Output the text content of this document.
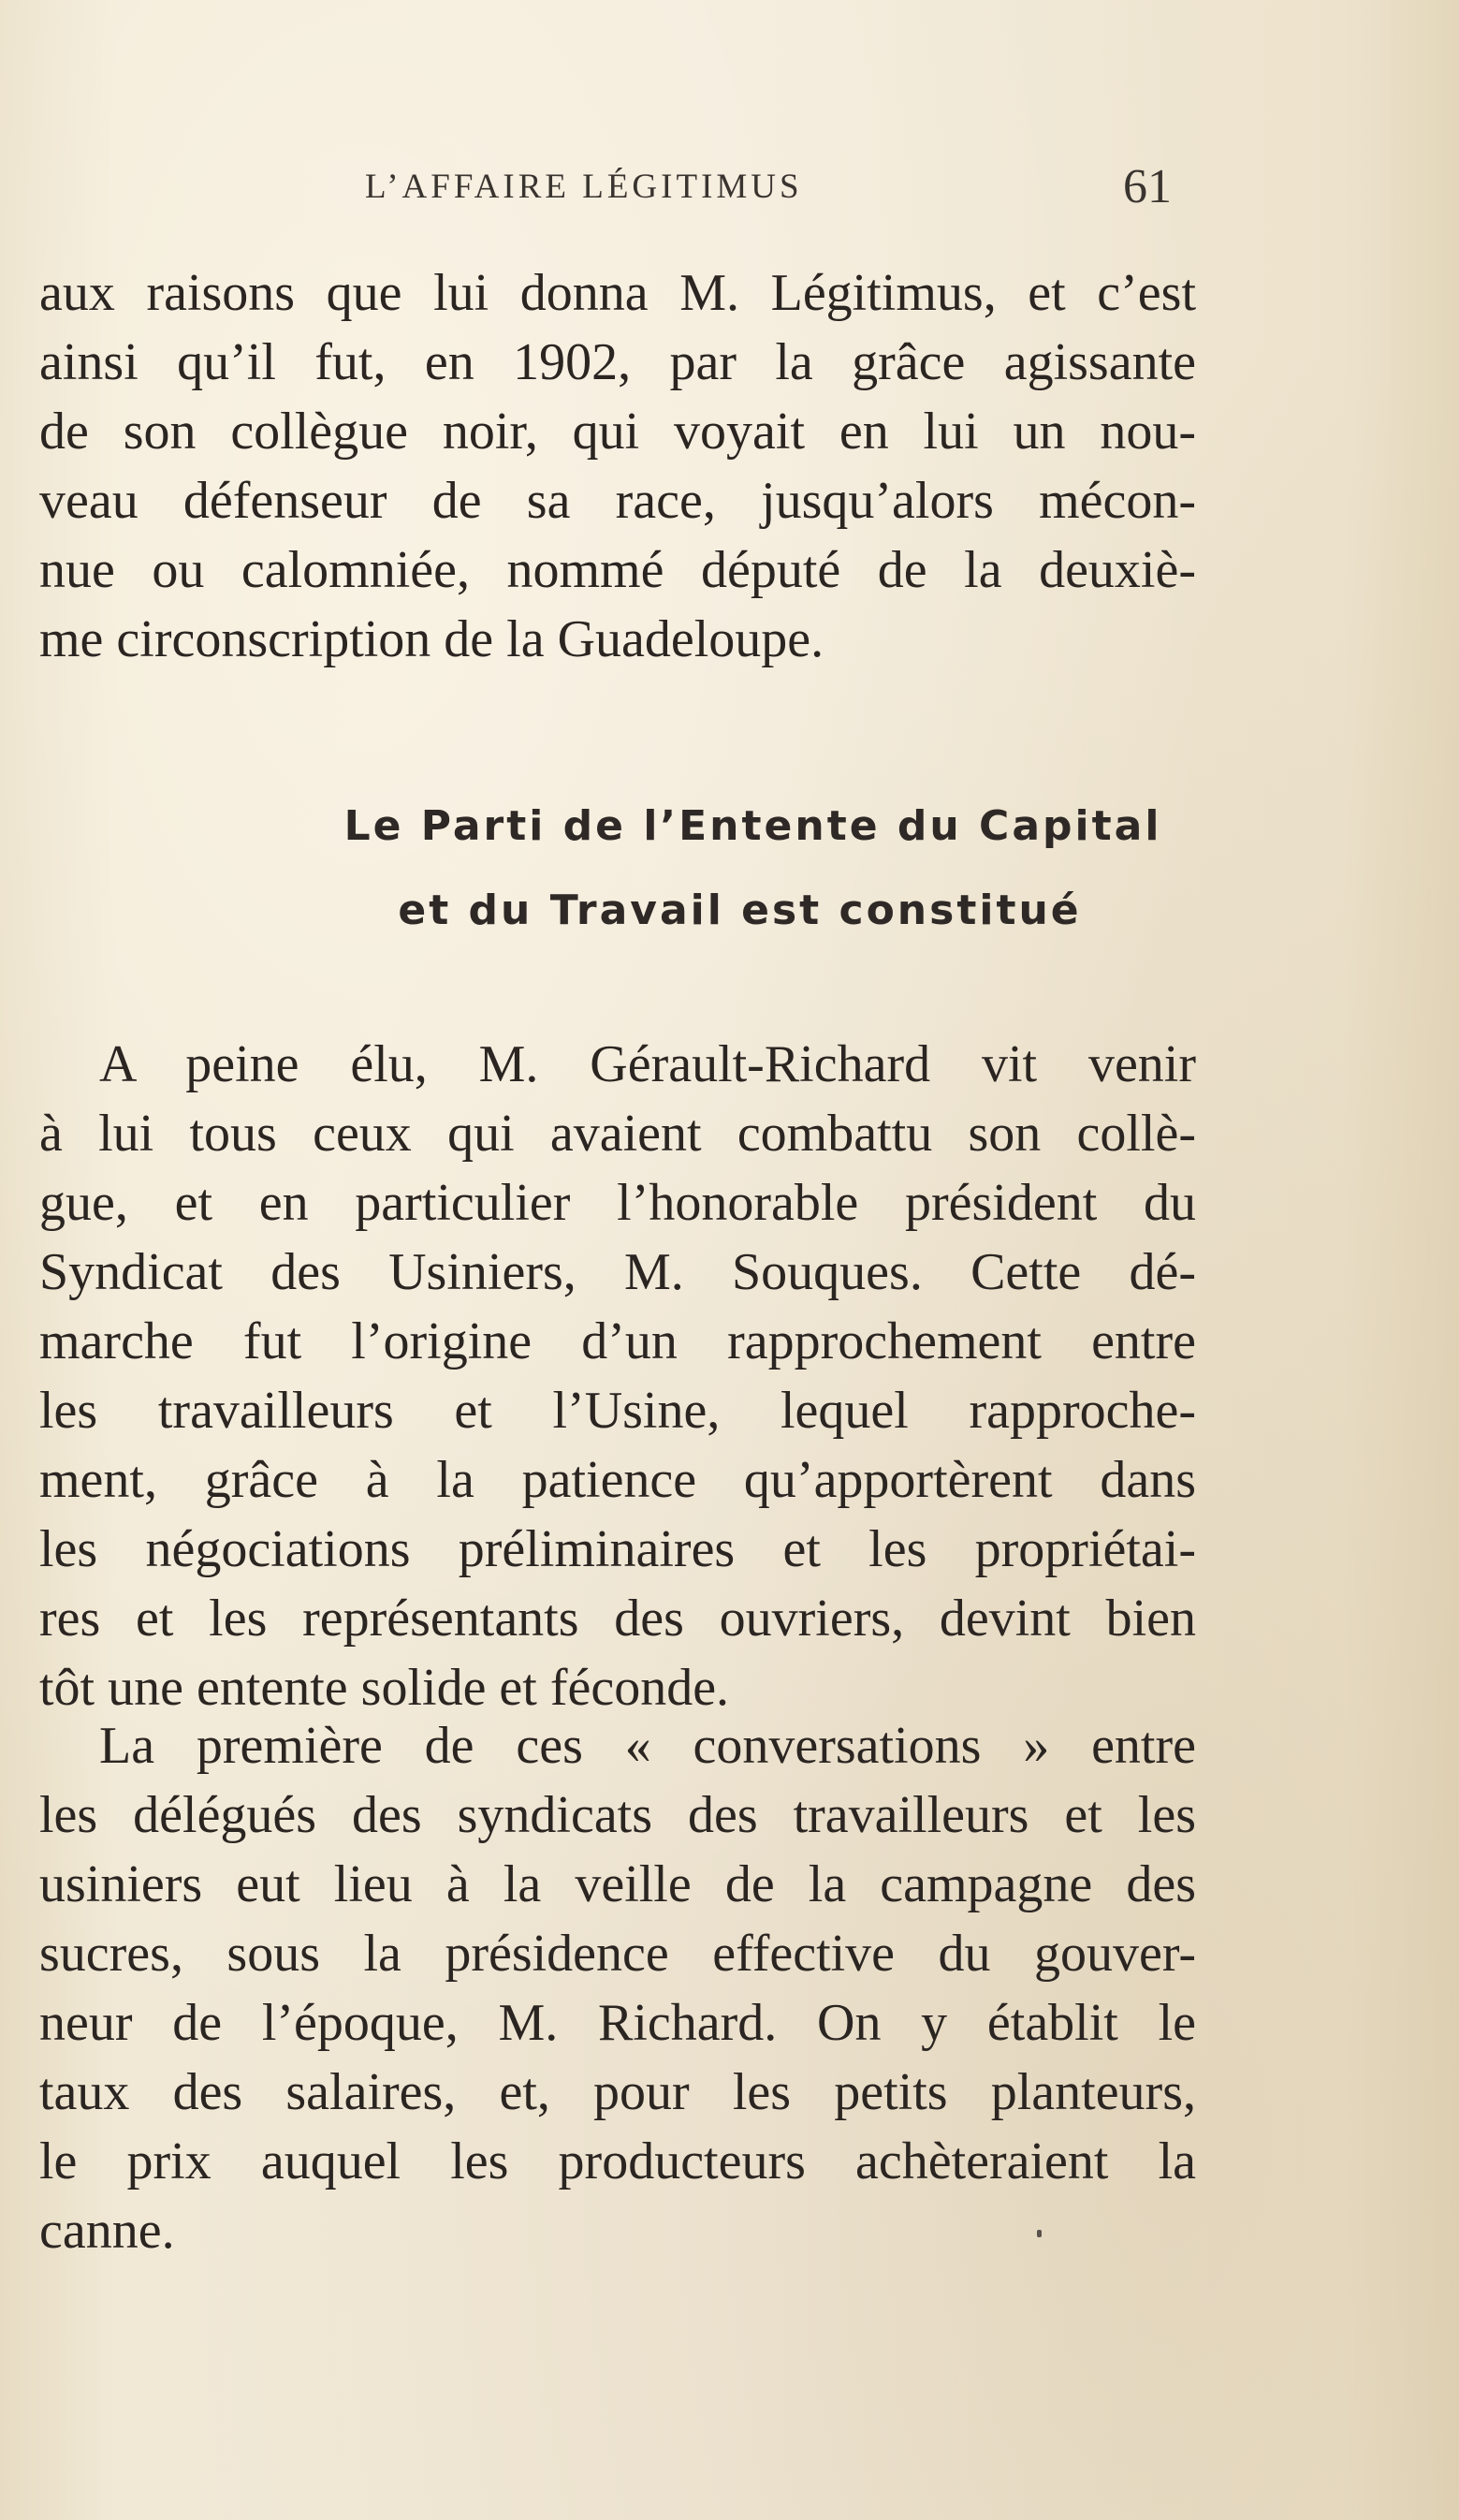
L’AFFAIRE LÉGITIMUS	61
aux raisons que lui donna M. Légitimus, et c’est
ainsi qu’il fut, en 1902, par la grâce agissante
de son collègue noir, qui voyait en lui un nou-
veau défenseur de sa race, jusqu’alors mécon-
nue ou calomniée, nommé député de la deuxiè-
me circonscription de la Guadeloupe.
Le Parti de l’Entente du Capital
et du Travail est constitué
A peine élu, M. Gérault-Richard vit venir
à lui tous ceux qui avaient combattu son collè-
gue, et en particulier l’honorable président du
Syndicat des Usiniers, M. Souques. Cette dé-
marche fut l’origine d’un rapprochement entre
les travailleurs et l’Usine, lequel rapproche-
ment, grâce à la patience qu’apportèrent dans
les négociations préliminaires et les propriétai-
res et les représentants des ouvriers, devint bien
tôt une entente solide et féconde.
La première de ces « conversations » entre
les délégués des syndicats des travailleurs et les
usiniers eut lieu à la veille de la campagne des
sucres, sous la présidence effective du gouver-
neur de l’époque, M. Richard. On y établit le
taux des salaires, et, pour les petits planteurs,
le prix auquel les producteurs achèteraient la
canne.
